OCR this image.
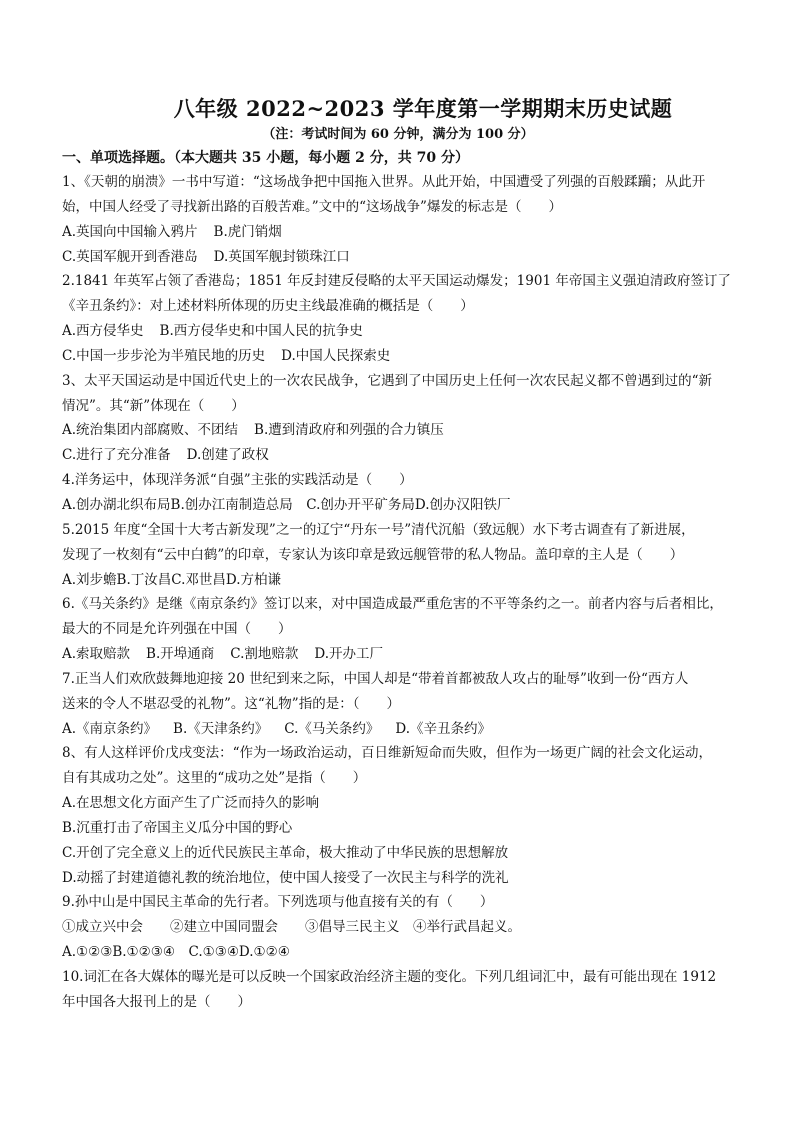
八年级 2022~2023 学年度第一学期期末历史试题
（注：考试时间为 60 分钟，满分为 100 分）
一、单项选择题。（本大题共 35 小题，每小题 2 分，共 70 分）
1、《天朝的崩溃》一书中写道：“这场战争把中国拖入世界。从此开始，中国遭受了列强的百般蹂躏；从此开
始，中国人经受了寻找新出路的百般苦难。”文中的“这场战争”爆发的标志是（　　）
A.英国向中国输入鸦片 B.虎门销烟
C.英国军舰开到香港岛 D.英国军舰封锁珠江口
2.1841 年英军占领了香港岛；1851 年反封建反侵略的太平天国运动爆发；1901 年帝国主义强迫清政府签订了
《辛丑条约》：对上述材料所体现的历史主线最准确的概括是（　　）
A.西方侵华史 B.西方侵华史和中国人民的抗争史
C.中国一步步沦为半殖民地的历史 D.中国人民探索史
3、太平天国运动是中国近代史上的一次农民战争，它遇到了中国历史上任何一次农民起义都不曾遇到过的“新
情况”。其“新”体现在（　　）
A.统治集团内部腐败、不团结 B.遭到清政府和列强的合力镇压
C.进行了充分准备 D.创建了政权
4.洋务运中，体现洋务派“自强”主张的实践活动是（　　）
A.创办湖北织布局B.创办江南制造总局　C.创办开平矿务局D.创办汉阳铁厂
5.2015 年度“全国十大考古新发现”之一的辽宁“丹东一号”清代沉船（致远舰）水下考古调查有了新进展，
发现了一枚刻有“云中白鹤”的印章，专家认为该印章是致远舰管带的私人物品。盖印章的主人是（　　）
A.刘步蟾B.丁汝昌C.邓世昌D.方柏谦
6.《马关条约》是继《南京条约》签订以来，对中国造成最严重危害的不平等条约之一。前者内容与后者相比，
最大的不同是允许列强在中国（　　）
A.索取赔款 B.开埠通商 C.割地赔款 D.开办工厂
7.正当人们欢欣鼓舞地迎接 20 世纪到来之际，中国人却是“带着首都被敌人攻占的耻辱”收到一份“西方人
送来的令人不堪忍受的礼物”。这“礼物”指的是：（　　）
A.《南京条约》 B.《天津条约》 C.《马关条约》 D.《辛丑条约》
8、有人这样评价戊戌变法：“作为一场政治运动，百日维新短命而失败，但作为一场更广阔的社会文化运动，
自有其成功之处”。这里的“成功之处”是指（　　）
A.在思想文化方面产生了广泛而持久的影响
B.沉重打击了帝国主义瓜分中国的野心
C.开创了完全意义上的近代民族民主革命，极大推动了中华民族的思想解放
D.动摇了封建道德礼教的统治地位，使中国人接受了一次民主与科学的洗礼
9.孙中山是中国民主革命的先行者。下列选项与他直接有关的有（　　）
①成立兴中会　　②建立中国同盟会　　③倡导三民主义　④举行武昌起义。
A.①②③B.①②③④　C.①③④D.①②④
10.词汇在各大媒体的曝光是可以反映一个国家政治经济主题的变化。下列几组词汇中，最有可能出现在 1912
年中国各大报刊上的是（　　）
